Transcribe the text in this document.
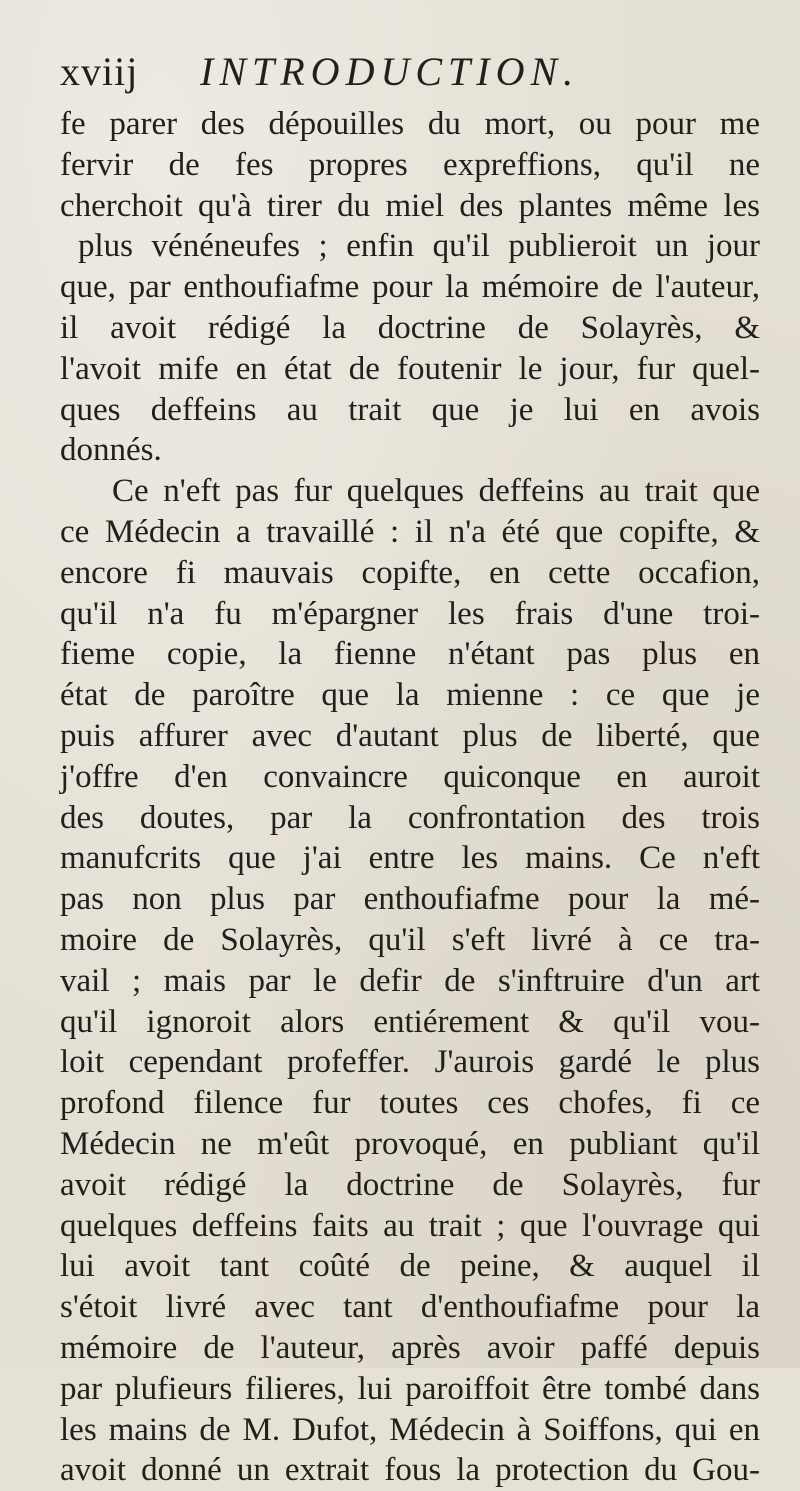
xviij INTRODUCTION.
fe parer des dépouilles du mort, ou pour me
fervir de fes propres expreffions, qu'il ne
cherchoit qu'à tirer du miel des plantes même les
plus vénéneufes ; enfin qu'il publieroit un jour
que, par enthoufiafme pour la mémoire de l'auteur,
il avoit rédigé la doctrine de Solayrès, &
l'avoit mife en état de foutenir le jour, fur quel-
ques deffeins au trait que je lui en avois
donnés.
Ce n'eft pas fur quelques deffeins au trait que
ce Médecin a travaillé : il n'a été que copifte, &
encore fi mauvais copifte, en cette occafion,
qu'il n'a fu m'épargner les frais d'une troi-
fieme copie, la fienne n'étant pas plus en
état de paroître que la mienne : ce que je
puis affurer avec d'autant plus de liberté, que
j'offre d'en convaincre quiconque en auroit
des doutes, par la confrontation des trois
manufcrits que j'ai entre les mains. Ce n'eft
pas non plus par enthoufiafme pour la mé-
moire de Solayrès, qu'il s'eft livré à ce tra-
vail ; mais par le defir de s'inftruire d'un art
qu'il ignoroit alors entiérement & qu'il vou-
loit cependant profeffer. J'aurois gardé le plus
profond filence fur toutes ces chofes, fi ce
Médecin ne m'eût provoqué, en publiant qu'il
avoit rédigé la doctrine de Solayrès, fur
quelques deffeins faits au trait ; que l'ouvrage qui
lui avoit tant coûté de peine, & auquel il
s'étoit livré avec tant d'enthoufiafme pour la
mémoire de l'auteur, après avoir paffé depuis
par plufieurs filieres, lui paroiffoit être tombé dans
les mains de M. Dufot, Médecin à Soiffons, qui en
avoit donné un extrait fous la protection du Gou-
